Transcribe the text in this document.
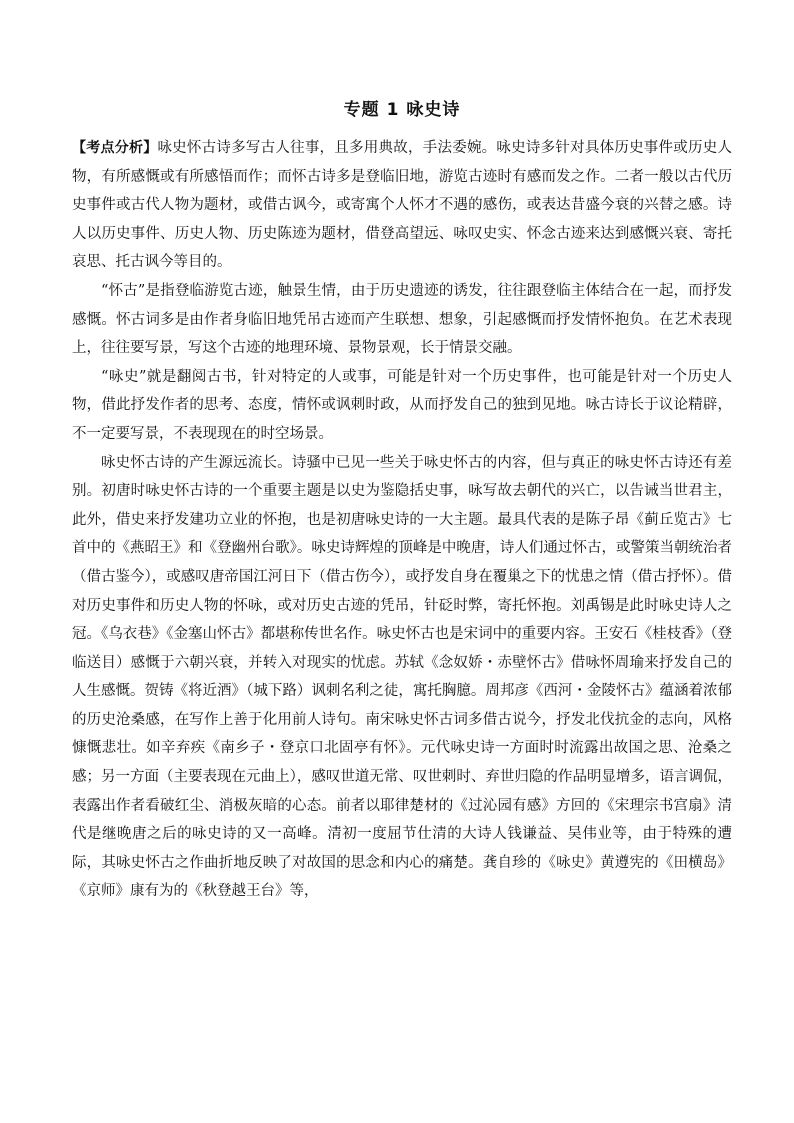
专题 1 咏史诗

【考点分析】咏史怀古诗多写古人往事，且多用典故，手法委婉。咏史诗多针对具体历史事件或历史人物，有所感慨或有所感悟而作；而怀古诗多是登临旧地，游览古迹时有感而发之作。二者一般以古代历史事件或古代人物为题材，或借古讽今，或寄寓个人怀才不遇的感伤，或表达昔盛今衰的兴替之感。诗人以历史事件、历史人物、历史陈迹为题材，借登高望远、咏叹史实、怀念古迹来达到感慨兴衰、寄托哀思、托古讽今等目的。

“怀古”是指登临游览古迹，触景生情，由于历史遗迹的诱发，往往跟登临主体结合在一起，而抒发感慨。怀古词多是由作者身临旧地凭吊古迹而产生联想、想象，引起感慨而抒发情怀抱负。在艺术表现上，往往要写景，写这个古迹的地理环境、景物景观，长于情景交融。

“咏史”就是翻阅古书，针对特定的人或事，可能是针对一个历史事件，也可能是针对一个历史人物，借此抒发作者的思考、态度，情怀或讽刺时政，从而抒发自己的独到见地。咏古诗长于议论精辟，不一定要写景，不表现现在的时空场景。

咏史怀古诗的产生源远流长。诗骚中已见一些关于咏史怀古的内容，但与真正的咏史怀古诗还有差别。初唐时咏史怀古诗的一个重要主题是以史为鉴隐括史事，咏写故去朝代的兴亡，以告诫当世君主，此外，借史来抒发建功立业的怀抱，也是初唐咏史诗的一大主题。最具代表的是陈子昂《蓟丘览古》七首中的《燕昭王》和《登幽州台歌》。咏史诗辉煌的顶峰是中晚唐，诗人们通过怀古，或警策当朝统治者（借古鉴今），或感叹唐帝国江河日下（借古伤今），或抒发自身在覆巢之下的忧患之情（借古抒怀）。借对历史事件和历史人物的怀咏，或对历史古迹的凭吊，针砭时弊，寄托怀抱。刘禹锡是此时咏史诗人之冠。《乌衣巷》《金塞山怀古》都堪称传世名作。咏史怀古也是宋词中的重要内容。王安石《桂枝香》（登临送目）感慨于六朝兴衰，并转入对现实的忧虑。苏轼《念奴娇・赤壁怀古》借咏怀周瑜来抒发自己的人生感慨。贺铸《将近酒》（城下路）讽刺名利之徒，寓托胸臆。周邦彦《西河・金陵怀古》蕴涵着浓郁的历史沧桑感，在写作上善于化用前人诗句。南宋咏史怀古词多借古说今，抒发北伐抗金的志向，风格慷慨悲壮。如辛弃疾《南乡子・登京口北固亭有怀》。元代咏史诗一方面时时流露出故国之思、沧桑之感；另一方面（主要表现在元曲上），感叹世道无常、叹世刺时、弃世归隐的作品明显增多，语言调侃，表露出作者看破红尘、消极灰暗的心态。前者以耶律楚材的《过沁园有感》方回的《宋理宗书宫扇》清代是继晚唐之后的咏史诗的又一高峰。清初一度屈节仕清的大诗人钱谦益、吴伟业等，由于特殊的遭际，其咏史怀古之作曲折地反映了对故国的思念和内心的痛楚。龚自珍的《咏史》黄遵宪的《田横岛》《京师》康有为的《秋登越王台》等，
